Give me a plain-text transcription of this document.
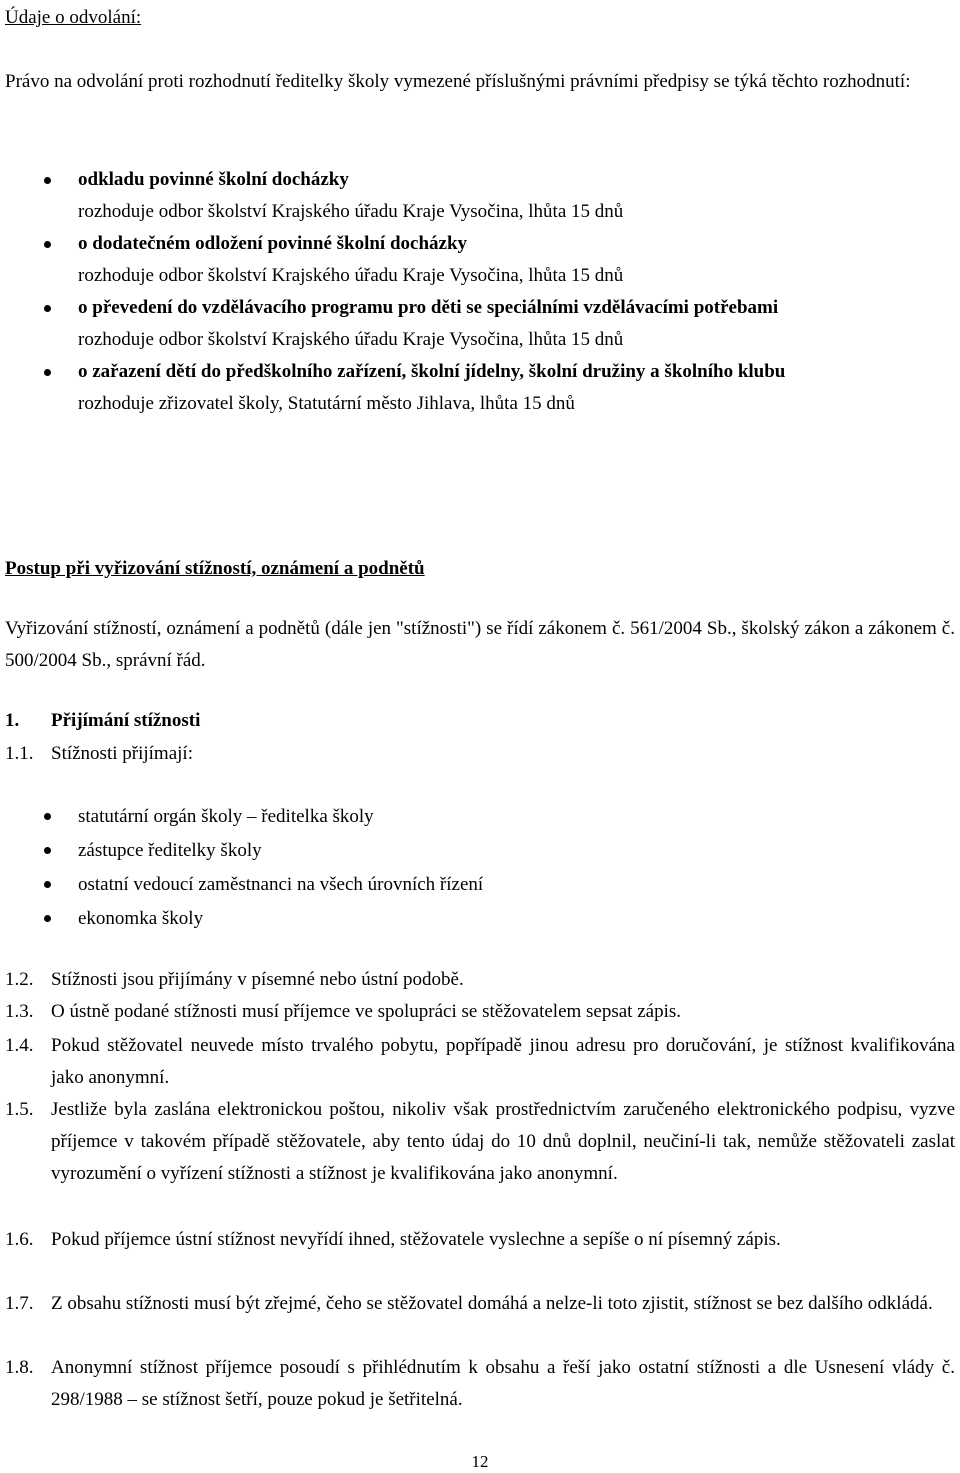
Údaje o odvolání:

Právo na odvolání proti rozhodnutí ředitelky školy vymezené příslušnými právními předpisy se týká těchto rozhodnutí:

odkladu povinné školní docházky
rozhoduje odbor školství Krajského úřadu Kraje Vysočina, lhůta 15 dnů
o dodatečném odložení povinné školní docházky
rozhoduje odbor školství Krajského úřadu Kraje Vysočina, lhůta 15 dnů
o převedení do vzdělávacího programu pro děti se speciálními vzdělávacími potřebami
rozhoduje odbor školství Krajského úřadu Kraje Vysočina, lhůta 15 dnů
o zařazení dětí do předškolního zařízení, školní jídelny, školní družiny a školního klubu
rozhoduje zřizovatel školy, Statutární město Jihlava, lhůta 15 dnů

Postup při vyřizování stížností, oznámení a podnětů

Vyřizování stížností, oznámení a podnětů (dále jen "stížnosti") se řídí zákonem č. 561/2004 Sb., školský zákon a zákonem č. 500/2004 Sb., správní řád.

1.	Přijímání stížnosti

1.1. Stížnosti přijímají:

statutární orgán školy – ředitelka školy
zástupce ředitelky školy
ostatní vedoucí zaměstnanci na všech úrovních řízení
ekonomka školy

1.2. Stížnosti jsou přijímány v písemné nebo ústní podobě.

1.3. O ústně podané stížnosti musí příjemce ve spolupráci se stěžovatelem sepsat zápis.

1.4. Pokud stěžovatel neuvede místo trvalého pobytu, popřípadě jinou adresu pro doručování, je stížnost kvalifikována jako anonymní.

1.5. Jestliže byla zaslána elektronickou poštou, nikoliv však prostřednictvím zaručeného elektronického podpisu, vyzve příjemce v takovém případě stěžovatele, aby tento údaj do 10 dnů doplnil, neučiní-li tak, nemůže stěžovateli zaslat vyrozumění o vyřízení stížnosti a stížnost je kvalifikována jako anonymní.

1.6. Pokud příjemce ústní stížnost nevyřídí ihned, stěžovatele vyslechne a sepíše o ní písemný zápis.

1.7. Z obsahu stížnosti musí být zřejmé, čeho se stěžovatel domáhá a nelze-li toto zjistit, stížnost se bez dalšího odkládá.

1.8. Anonymní stížnost příjemce posoudí s přihlédnutím k obsahu a řeší jako ostatní stížnosti a dle Usnesení vlády č. 298/1988 – se stížnost šetří, pouze pokud je šetřitelná.

12
